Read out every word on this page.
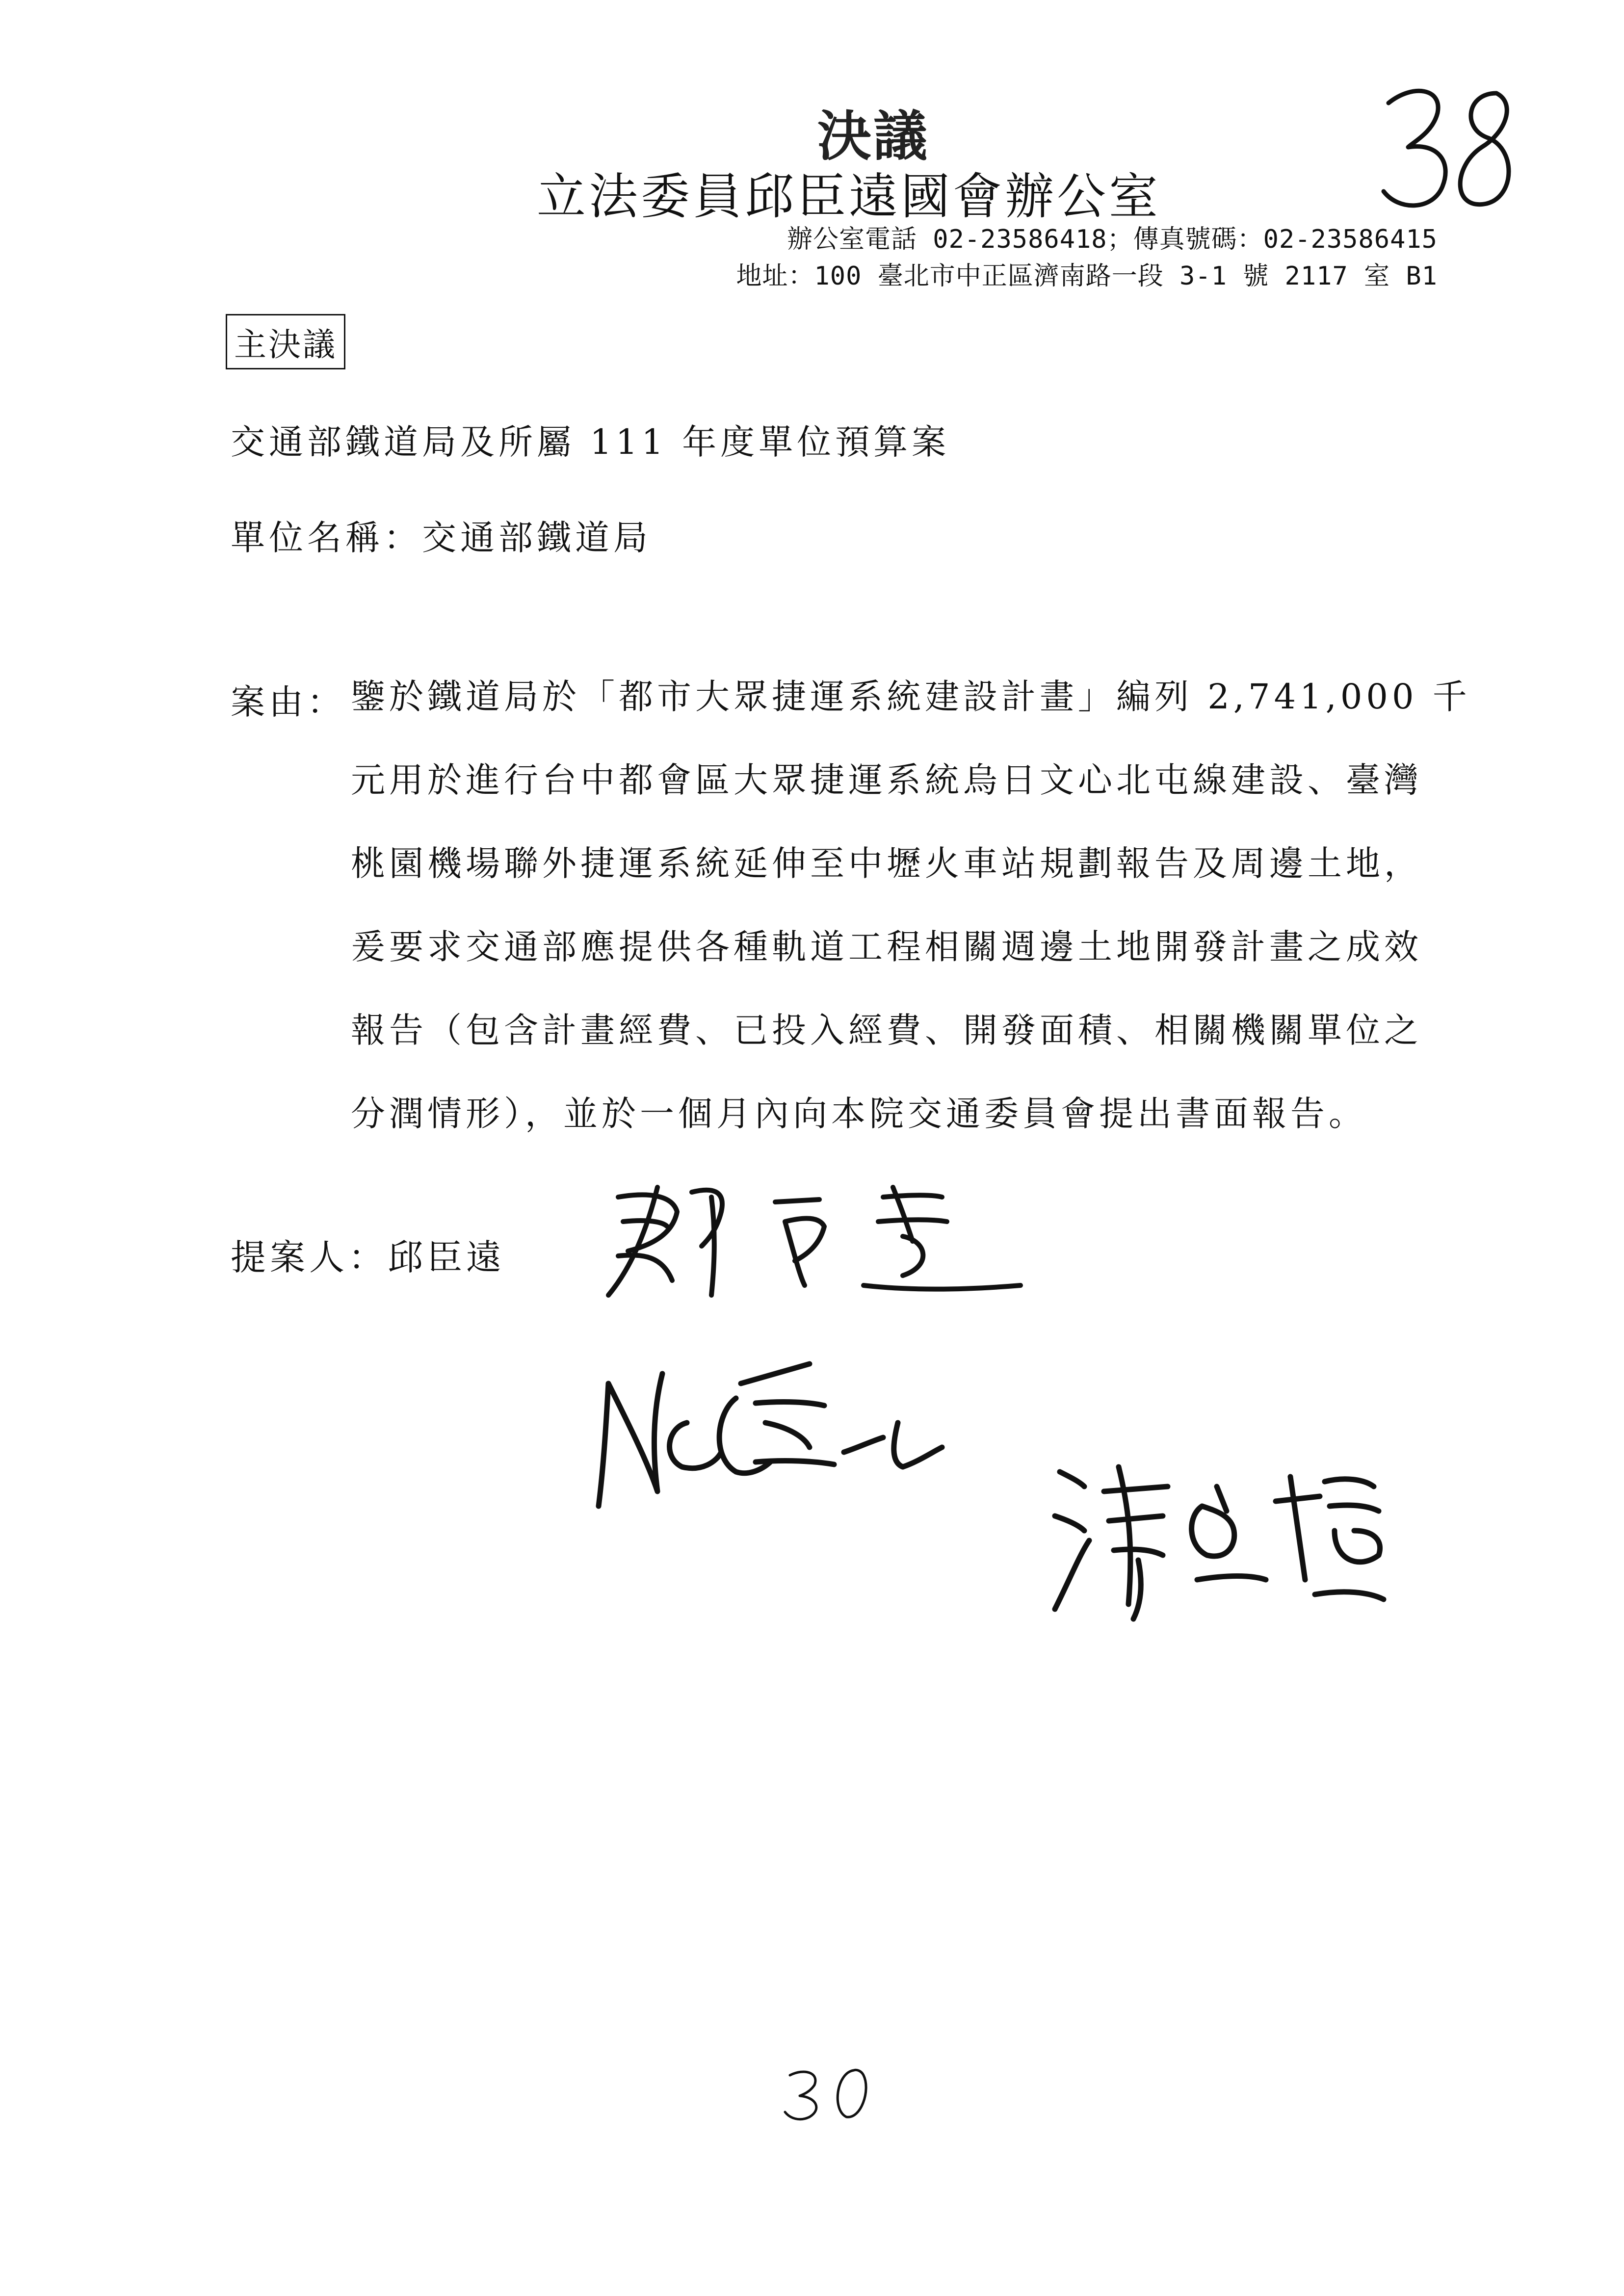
決議
立法委員邱臣遠國會辦公室
辦公室電話 02-23586418；傳真號碼：02-23586415
地址：100 臺北市中正區濟南路一段 3-1 號 2117 室 B1
主決議
交通部鐵道局及所屬 111 年度單位預算案
單位名稱：交通部鐵道局
案由： 鑒於鐵道局於「都市大眾捷運系統建設計畫」編列 2,741,000 千
元用於進行台中都會區大眾捷運系統烏日文心北屯線建設、臺灣
桃園機場聯外捷運系統延伸至中壢火車站規劃報告及周邊土地，
爰要求交通部應提供各種軌道工程相關週邊土地開發計畫之成效
報告（包含計畫經費、已投入經費、開發面積、相關機關單位之
分潤情形），並於一個月內向本院交通委員會提出書面報告。
提案人：邱臣遠
